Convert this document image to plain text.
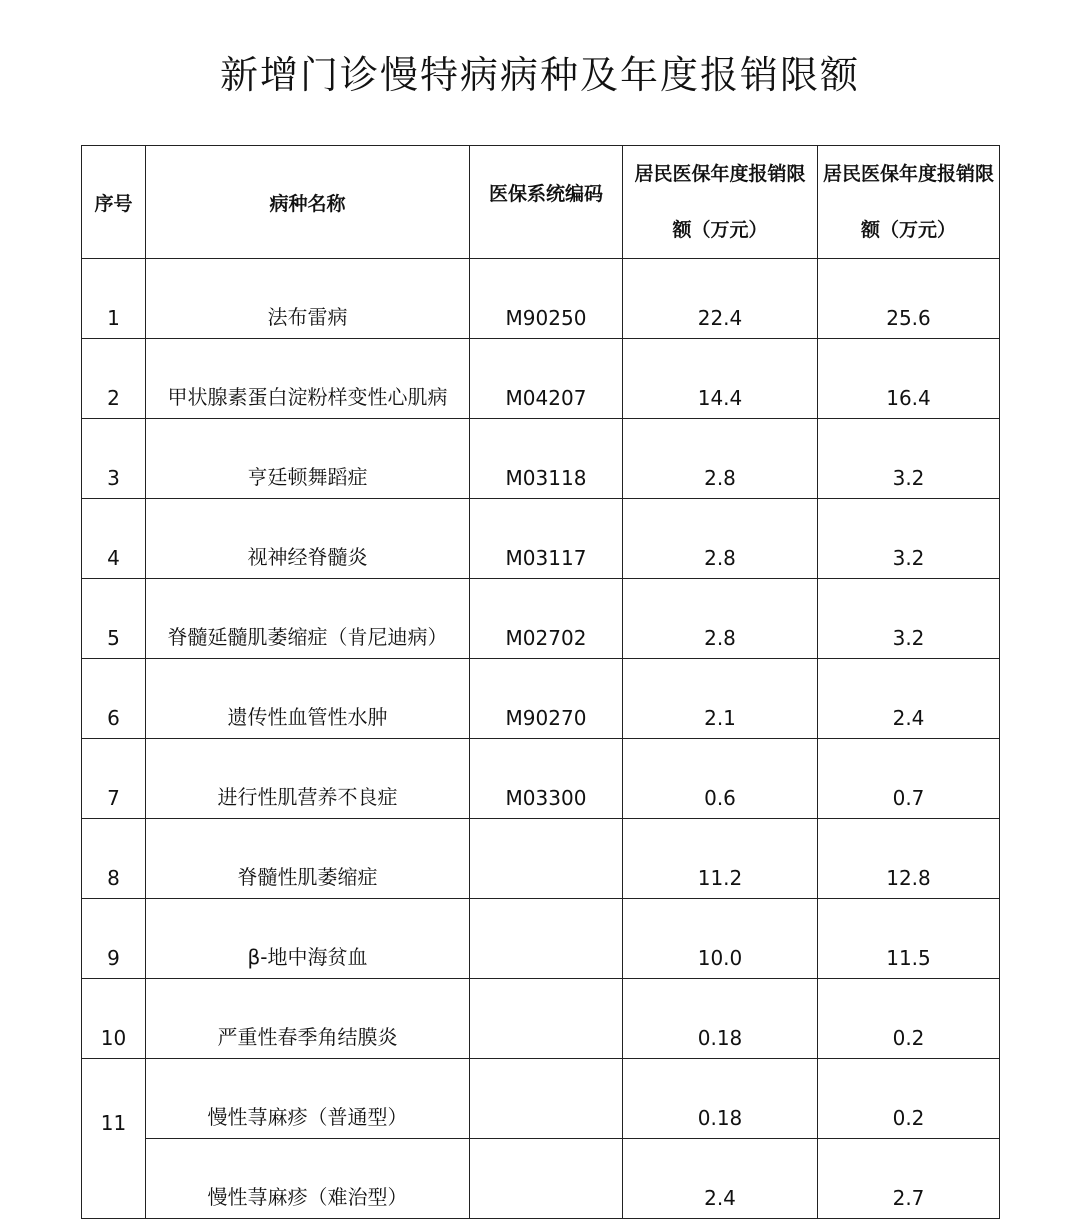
新增门诊慢特病病种及年度报销限额
序号	病种名称	医保系统编码	居民医保年度报销限额（万元）	居民医保年度报销限额（万元）

1	法布雷病	M90250	22.4	25.6
2	甲状腺素蛋白淀粉样变性心肌病	M04207	14.4	16.4
3	亨廷顿舞蹈症	M03118	2.8	3.2
4	视神经脊髓炎	M03117	2.8	3.2
5	脊髓延髓肌萎缩症（肯尼迪病）	M02702	2.8	3.2
6	遗传性血管性水肿	M90270	2.1	2.4
7	进行性肌营养不良症	M03300	0.6	0.7
8	脊髓性肌萎缩症		11.2	12.8
9	β-地中海贫血		10.0	11.5
10	严重性春季角结膜炎		0.18	0.2
11	慢性荨麻疹（普通型）		0.18	0.2
	慢性荨麻疹（难治型）		2.4	2.7
